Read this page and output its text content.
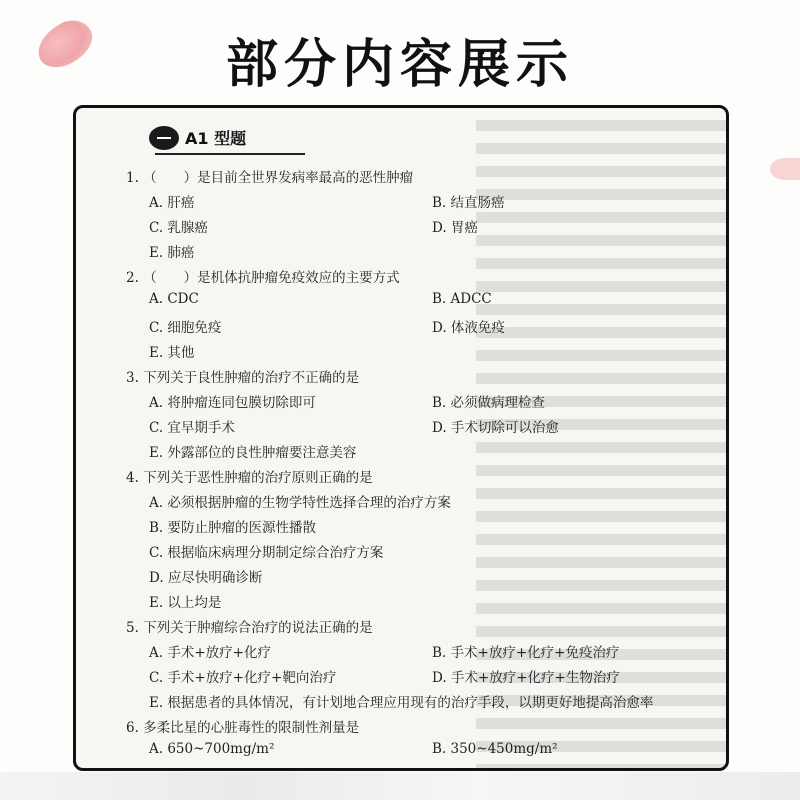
部分内容展示
A1 型题
1. （　　）是目前全世界发病率最高的恶性肿瘤
A. 肝癌	B. 结直肠癌
C. 乳腺癌	D. 胃癌
E. 肺癌
2. （　　）是机体抗肿瘤免疫效应的主要方式
A. CDC	B. ADCC
C. 细胞免疫	D. 体液免疫
E. 其他
3. 下列关于良性肿瘤的治疗不正确的是
A. 将肿瘤连同包膜切除即可	B. 必须做病理检查
C. 宜早期手术	D. 手术切除可以治愈
E. 外露部位的良性肿瘤要注意美容
4. 下列关于恶性肿瘤的治疗原则正确的是
A. 必须根据肿瘤的生物学特性选择合理的治疗方案
B. 要防止肿瘤的医源性播散
C. 根据临床病理分期制定综合治疗方案
D. 应尽快明确诊断
E. 以上均是
5. 下列关于肿瘤综合治疗的说法正确的是
A. 手术+放疗+化疗	B. 手术+放疗+化疗+免疫治疗
C. 手术+放疗+化疗+靶向治疗	D. 手术+放疗+化疗+生物治疗
E. 根据患者的具体情况，有计划地合理应用现有的治疗手段，以期更好地提高治愈率
6. 多柔比星的心脏毒性的限制性剂量是
A. 650~700mg/m²	B. 350~450mg/m²
